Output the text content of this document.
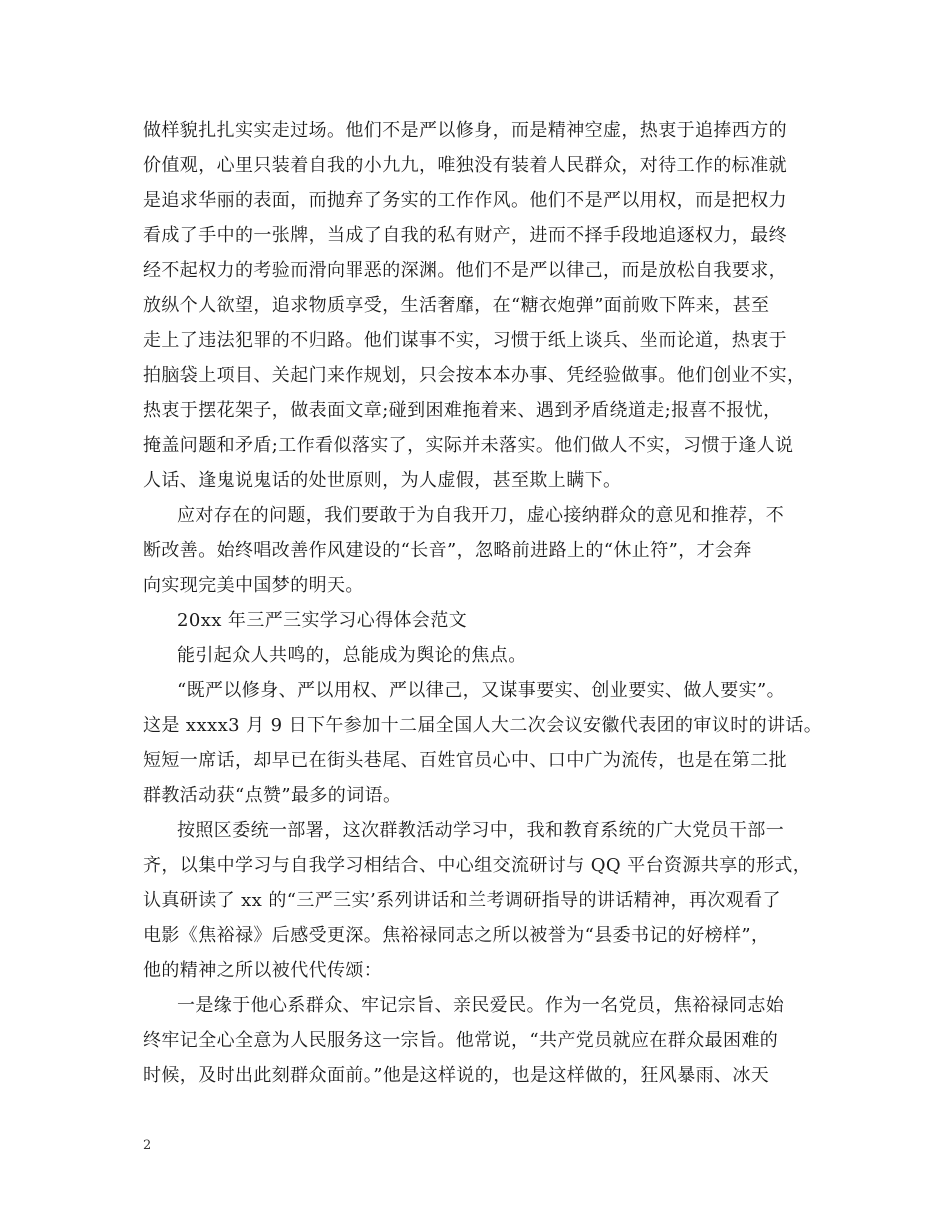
做样貌扎扎实实走过场。他们不是严以修身，而是精神空虚，热衷于追捧西方的
价值观，心里只装着自我的小九九，唯独没有装着人民群众，对待工作的标准就
是追求华丽的表面，而抛弃了务实的工作作风。他们不是严以用权，而是把权力
看成了手中的一张牌，当成了自我的私有财产，进而不择手段地追逐权力，最终
经不起权力的考验而滑向罪恶的深渊。他们不是严以律己，而是放松自我要求，
放纵个人欲望，追求物质享受，生活奢靡，在“糖衣炮弹”面前败下阵来，甚至
走上了违法犯罪的不归路。他们谋事不实，习惯于纸上谈兵、坐而论道，热衷于
拍脑袋上项目、关起门来作规划，只会按本本办事、凭经验做事。他们创业不实，
热衷于摆花架子，做表面文章;碰到困难拖着来、遇到矛盾绕道走;报喜不报忧，
掩盖问题和矛盾;工作看似落实了，实际并未落实。他们做人不实，习惯于逢人说
人话、逢鬼说鬼话的处世原则，为人虚假，甚至欺上瞒下。
应对存在的问题，我们要敢于为自我开刀，虚心接纳群众的意见和推荐，不
断改善。始终唱改善作风建设的“长音”，忽略前进路上的“休止符”，才会奔
向实现完美中国梦的明天。
20xx 年三严三实学习心得体会范文
能引起众人共鸣的，总能成为舆论的焦点。
“既严以修身、严以用权、严以律己，又谋事要实、创业要实、做人要实”。
这是 xxxx3 月 9 日下午参加十二届全国人大二次会议安徽代表团的审议时的讲话。
短短一席话，却早已在街头巷尾、百姓官员心中、口中广为流传，也是在第二批
群教活动获“点赞”最多的词语。
按照区委统一部署，这次群教活动学习中，我和教育系统的广大党员干部一
齐，以集中学习与自我学习相结合、中心组交流研讨与 QQ 平台资源共享的形式，
认真研读了 xx 的“三严三实’系列讲话和兰考调研指导的讲话精神，再次观看了
电影《焦裕禄》后感受更深。焦裕禄同志之所以被誉为“县委书记的好榜样”，
他的精神之所以被代代传颂：
一是缘于他心系群众、牢记宗旨、亲民爱民。作为一名党员，焦裕禄同志始
终牢记全心全意为人民服务这一宗旨。他常说，“共产党员就应在群众最困难的
时候，及时出此刻群众面前。”他是这样说的，也是这样做的，狂风暴雨、冰天
2
